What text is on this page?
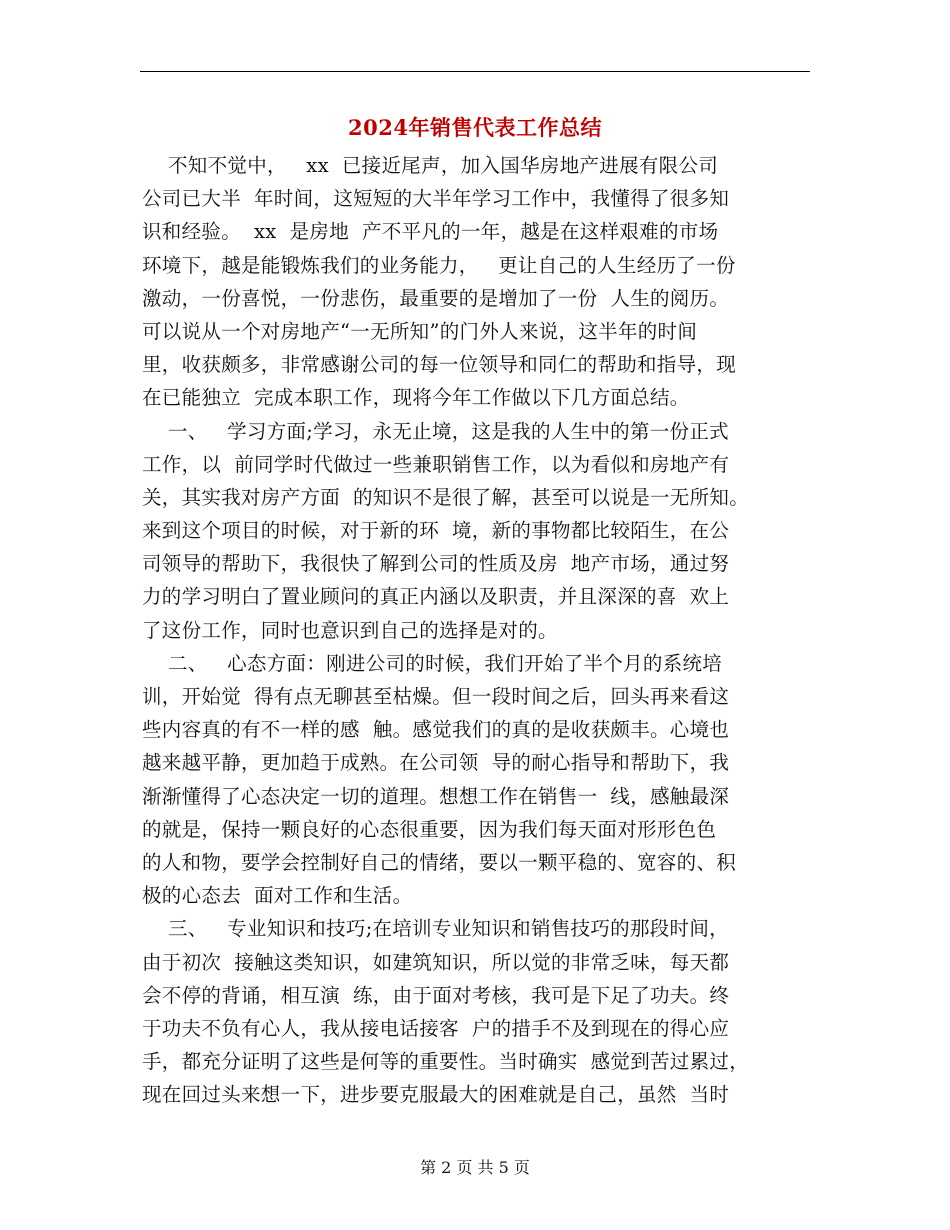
2024年销售代表工作总结
不知不觉中，   xx  已接近尾声，加入国华房地产进展有限公司
公司已大半  年时间，这短短的大半年学习工作中，我懂得了很多知
识和经验。  xx  是房地  产不平凡的一年，越是在这样艰难的市场
环境下，越是能锻炼我们的业务能力，   更让自己的人生经历了一份
激动，一份喜悦，一份悲伤，最重要的是增加了一份  人生的阅历。
可以说从一个对房地产“一无所知”的门外人来说，这半年的时间
里，收获颇多，非常感谢公司的每一位领导和同仁的帮助和指导，现
在已能独立  完成本职工作，现将今年工作做以下几方面总结。
一、   学习方面;学习，永无止境，这是我的人生中的第一份正式
工作，以  前同学时代做过一些兼职销售工作，以为看似和房地产有
关，其实我对房产方面  的知识不是很了解，甚至可以说是一无所知。
来到这个项目的时候，对于新的环  境，新的事物都比较陌生，在公
司领导的帮助下，我很快了解到公司的性质及房  地产市场，通过努
力的学习明白了置业顾问的真正内涵以及职责，并且深深的喜  欢上
了这份工作，同时也意识到自己的选择是对的。
二、   心态方面：刚进公司的时候，我们开始了半个月的系统培
训，开始觉  得有点无聊甚至枯燥。但一段时间之后，回头再来看这
些内容真的有不一样的感  触。感觉我们的真的是收获颇丰。心境也
越来越平静，更加趋于成熟。在公司领  导的耐心指导和帮助下，我
渐渐懂得了心态决定一切的道理。想想工作在销售一  线，感触最深
的就是，保持一颗良好的心态很重要，因为我们每天面对形形色色
的人和物，要学会控制好自己的情绪，要以一颗平稳的、宽容的、积
极的心态去  面对工作和生活。
三、   专业知识和技巧;在培训专业知识和销售技巧的那段时间，
由于初次  接触这类知识，如建筑知识，所以觉的非常乏味，每天都
会不停的背诵，相互演  练，由于面对考核，我可是下足了功夫。终
于功夫不负有心人，我从接电话接客  户的措手不及到现在的得心应
手，都充分证明了这些是何等的重要性。当时确实  感觉到苦过累过，
现在回过头来想一下，进步要克服最大的困难就是自己，虽然  当时
第 2 页 共 5 页
